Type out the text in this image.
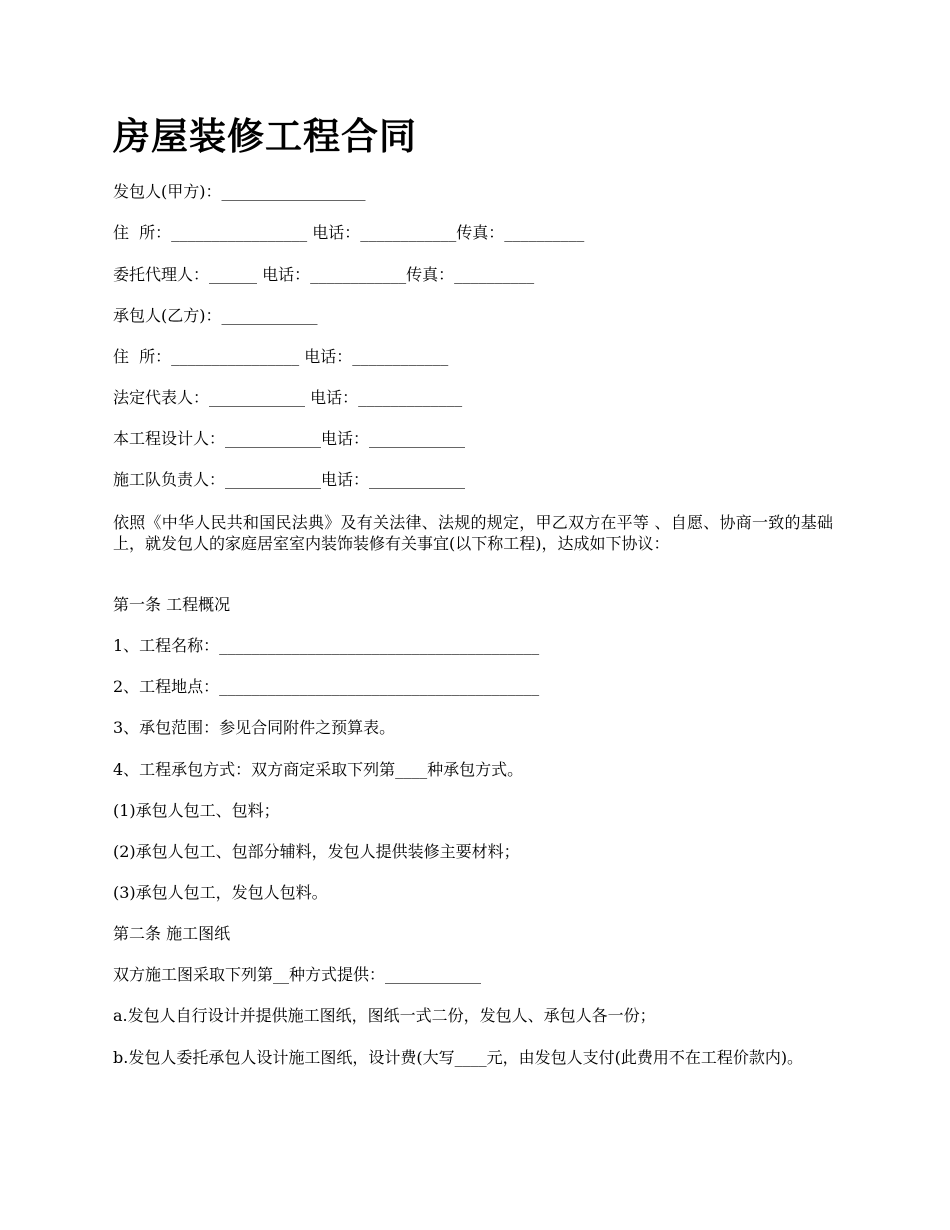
房屋装修工程合同

发包人(甲方)：__________________

住  所：_________________ 电话：____________传真：__________

委托代理人：______ 电话：____________传真：__________

承包人(乙方)：____________

住  所：________________ 电话：____________

法定代表人：____________ 电话：_____________

本工程设计人：____________电话：____________

施工队负责人：____________电话：____________

依照《中华人民共和国民法典》及有关法律、法规的规定，甲乙双方在平等 、自愿、协商一致的基础上，就发包人的家庭居室室内装饰装修有关事宜(以下称工程)，达成如下协议：

第一条 工程概况

1、工程名称：________________________________________

2、工程地点：________________________________________

3、承包范围：参见合同附件之预算表。

4、工程承包方式：双方商定采取下列第____种承包方式。

(1)承包人包工、包料；

(2)承包人包工、包部分辅料，发包人提供装修主要材料；

(3)承包人包工，发包人包料。

第二条 施工图纸

双方施工图采取下列第__种方式提供：____________

a.发包人自行设计并提供施工图纸，图纸一式二份，发包人、承包人各一份；

b.发包人委托承包人设计施工图纸，设计费(大写____元，由发包人支付(此费用不在工程价款内)。
